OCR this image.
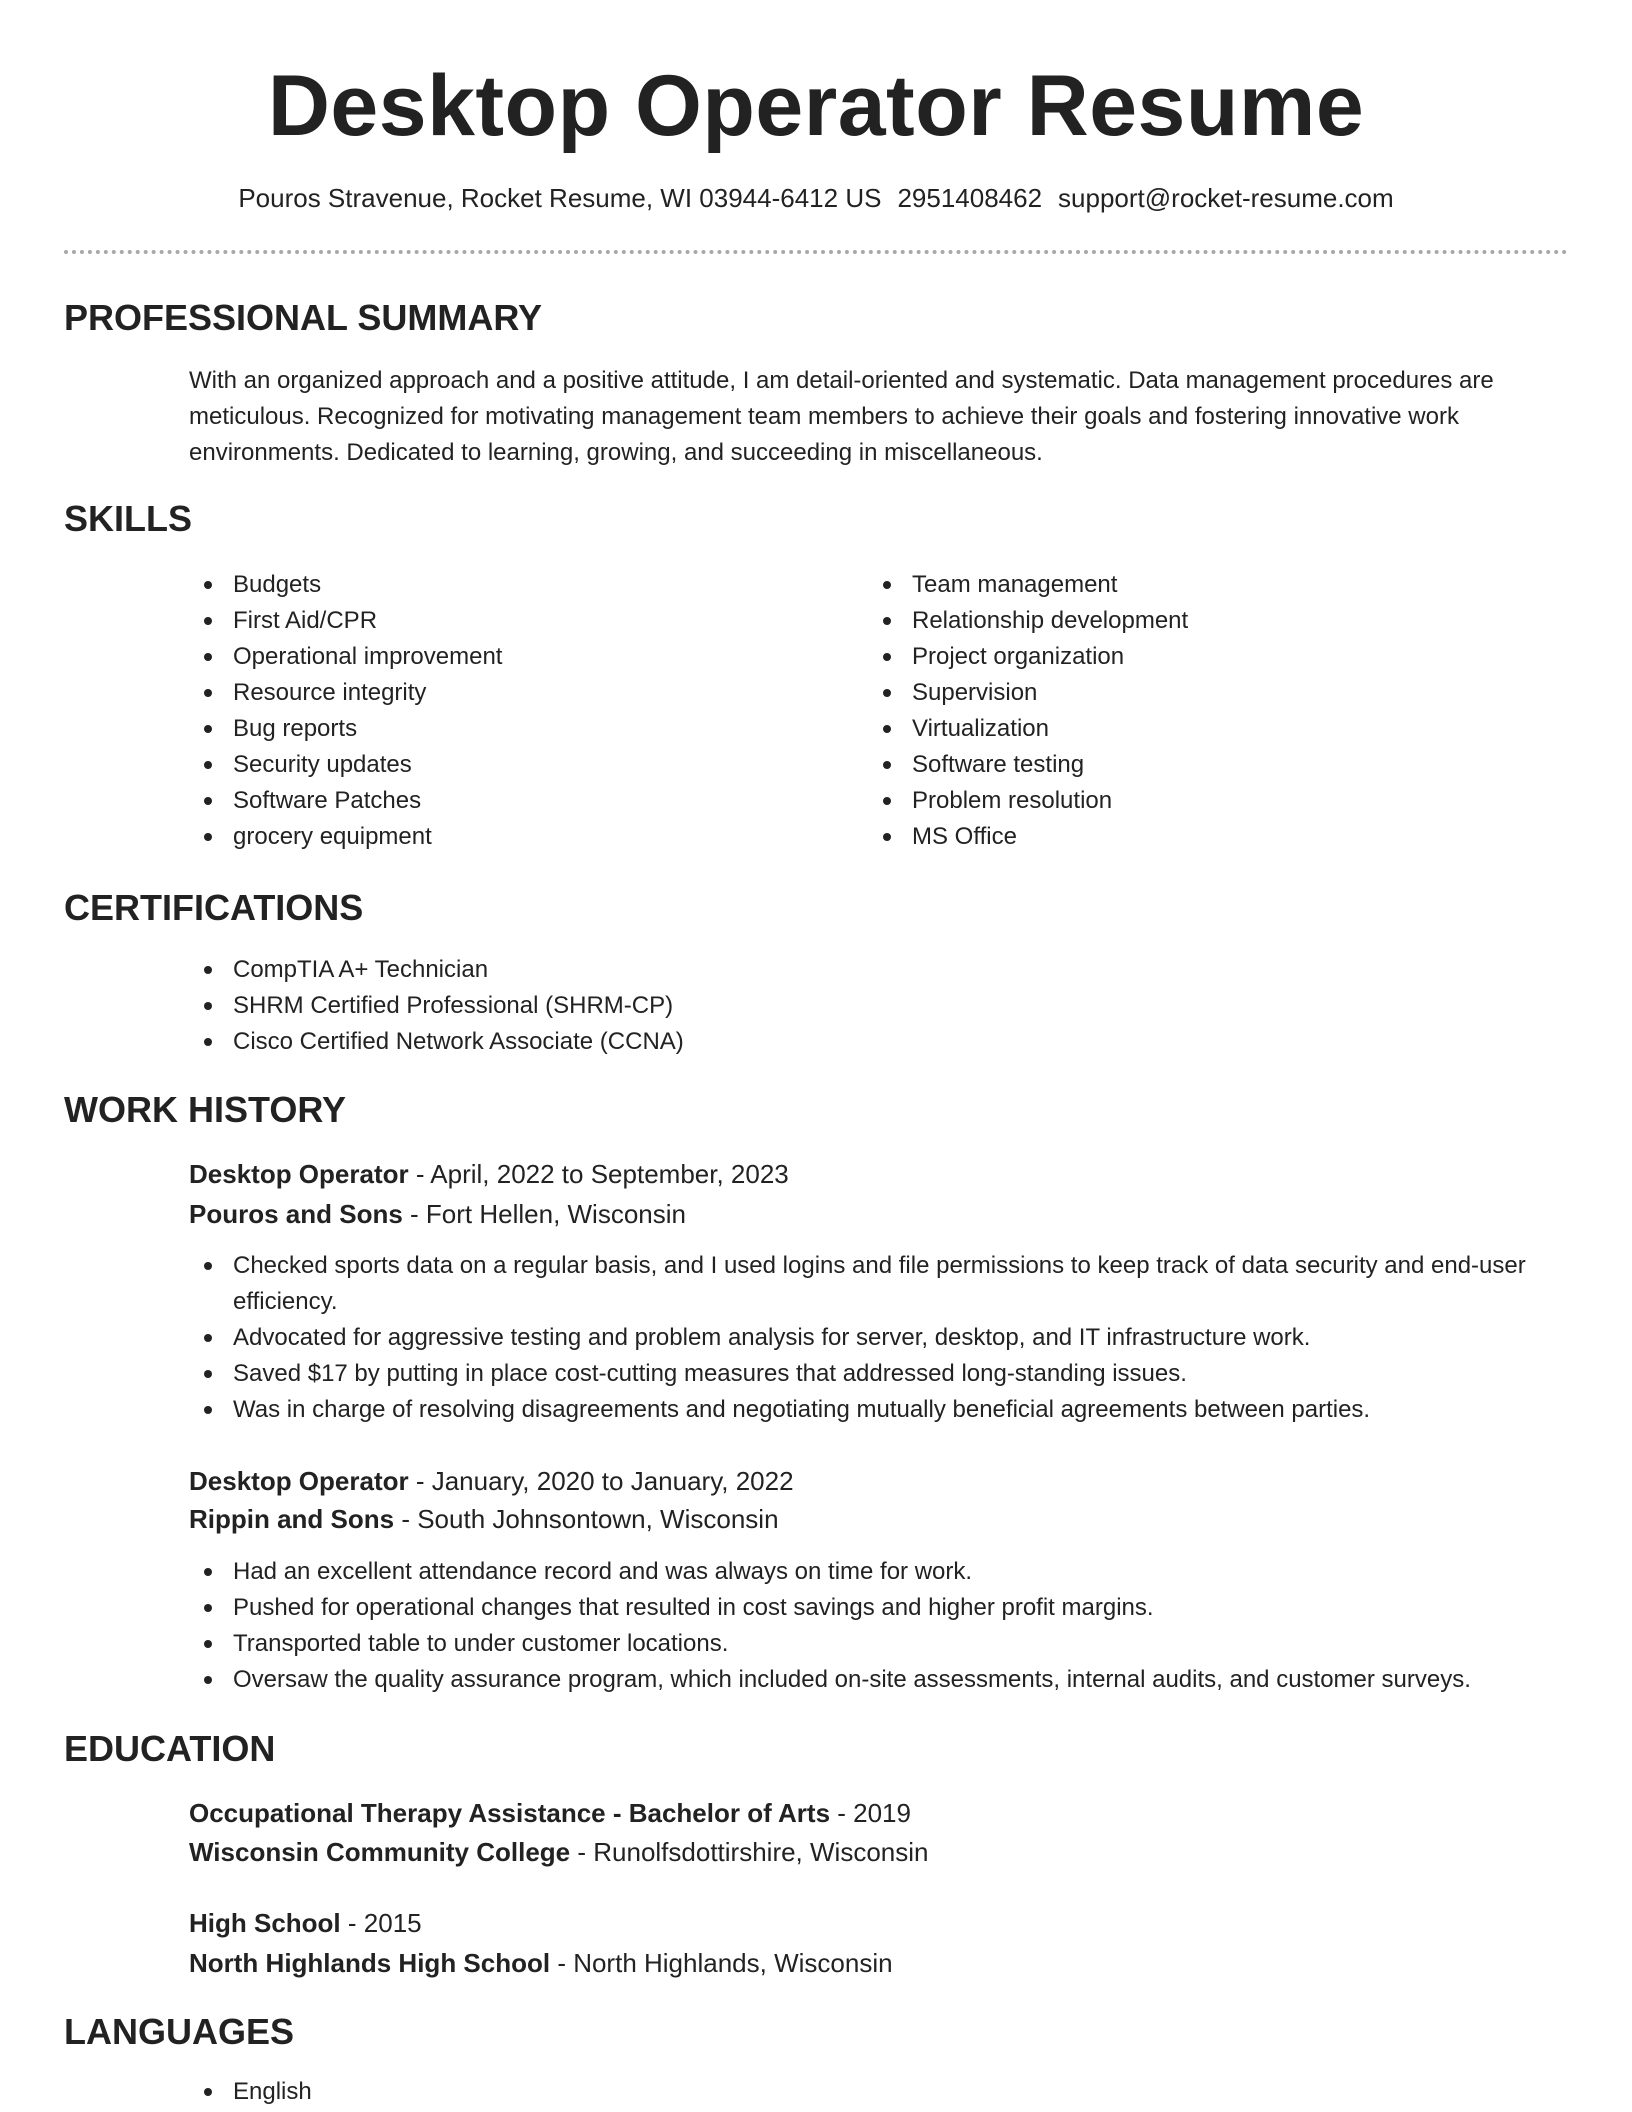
Desktop Operator Resume
Pouros Stravenue, Rocket Resume, WI 03944-6412 US 2951408462 support@rocket-resume.com
PROFESSIONAL SUMMARY
With an organized approach and a positive attitude, I am detail-oriented and systematic. Data management procedures are meticulous. Recognized for motivating management team members to achieve their goals and fostering innovative work environments. Dedicated to learning, growing, and succeeding in miscellaneous.
SKILLS
Budgets
First Aid/CPR
Operational improvement
Resource integrity
Bug reports
Security updates
Software Patches
grocery equipment
Team management
Relationship development
Project organization
Supervision
Virtualization
Software testing
Problem resolution
MS Office
CERTIFICATIONS
CompTIA A+ Technician
SHRM Certified Professional (SHRM-CP)
Cisco Certified Network Associate (CCNA)
WORK HISTORY
Desktop Operator - April, 2022 to September, 2023
Pouros and Sons - Fort Hellen, Wisconsin
Checked sports data on a regular basis, and I used logins and file permissions to keep track of data security and end-user efficiency.
Advocated for aggressive testing and problem analysis for server, desktop, and IT infrastructure work.
Saved $17 by putting in place cost-cutting measures that addressed long-standing issues.
Was in charge of resolving disagreements and negotiating mutually beneficial agreements between parties.
Desktop Operator - January, 2020 to January, 2022
Rippin and Sons - South Johnsontown, Wisconsin
Had an excellent attendance record and was always on time for work.
Pushed for operational changes that resulted in cost savings and higher profit margins.
Transported table to under customer locations.
Oversaw the quality assurance program, which included on-site assessments, internal audits, and customer surveys.
EDUCATION
Occupational Therapy Assistance - Bachelor of Arts - 2019
Wisconsin Community College - Runolfsdottirshire, Wisconsin
High School - 2015
North Highlands High School - North Highlands, Wisconsin
LANGUAGES
English
